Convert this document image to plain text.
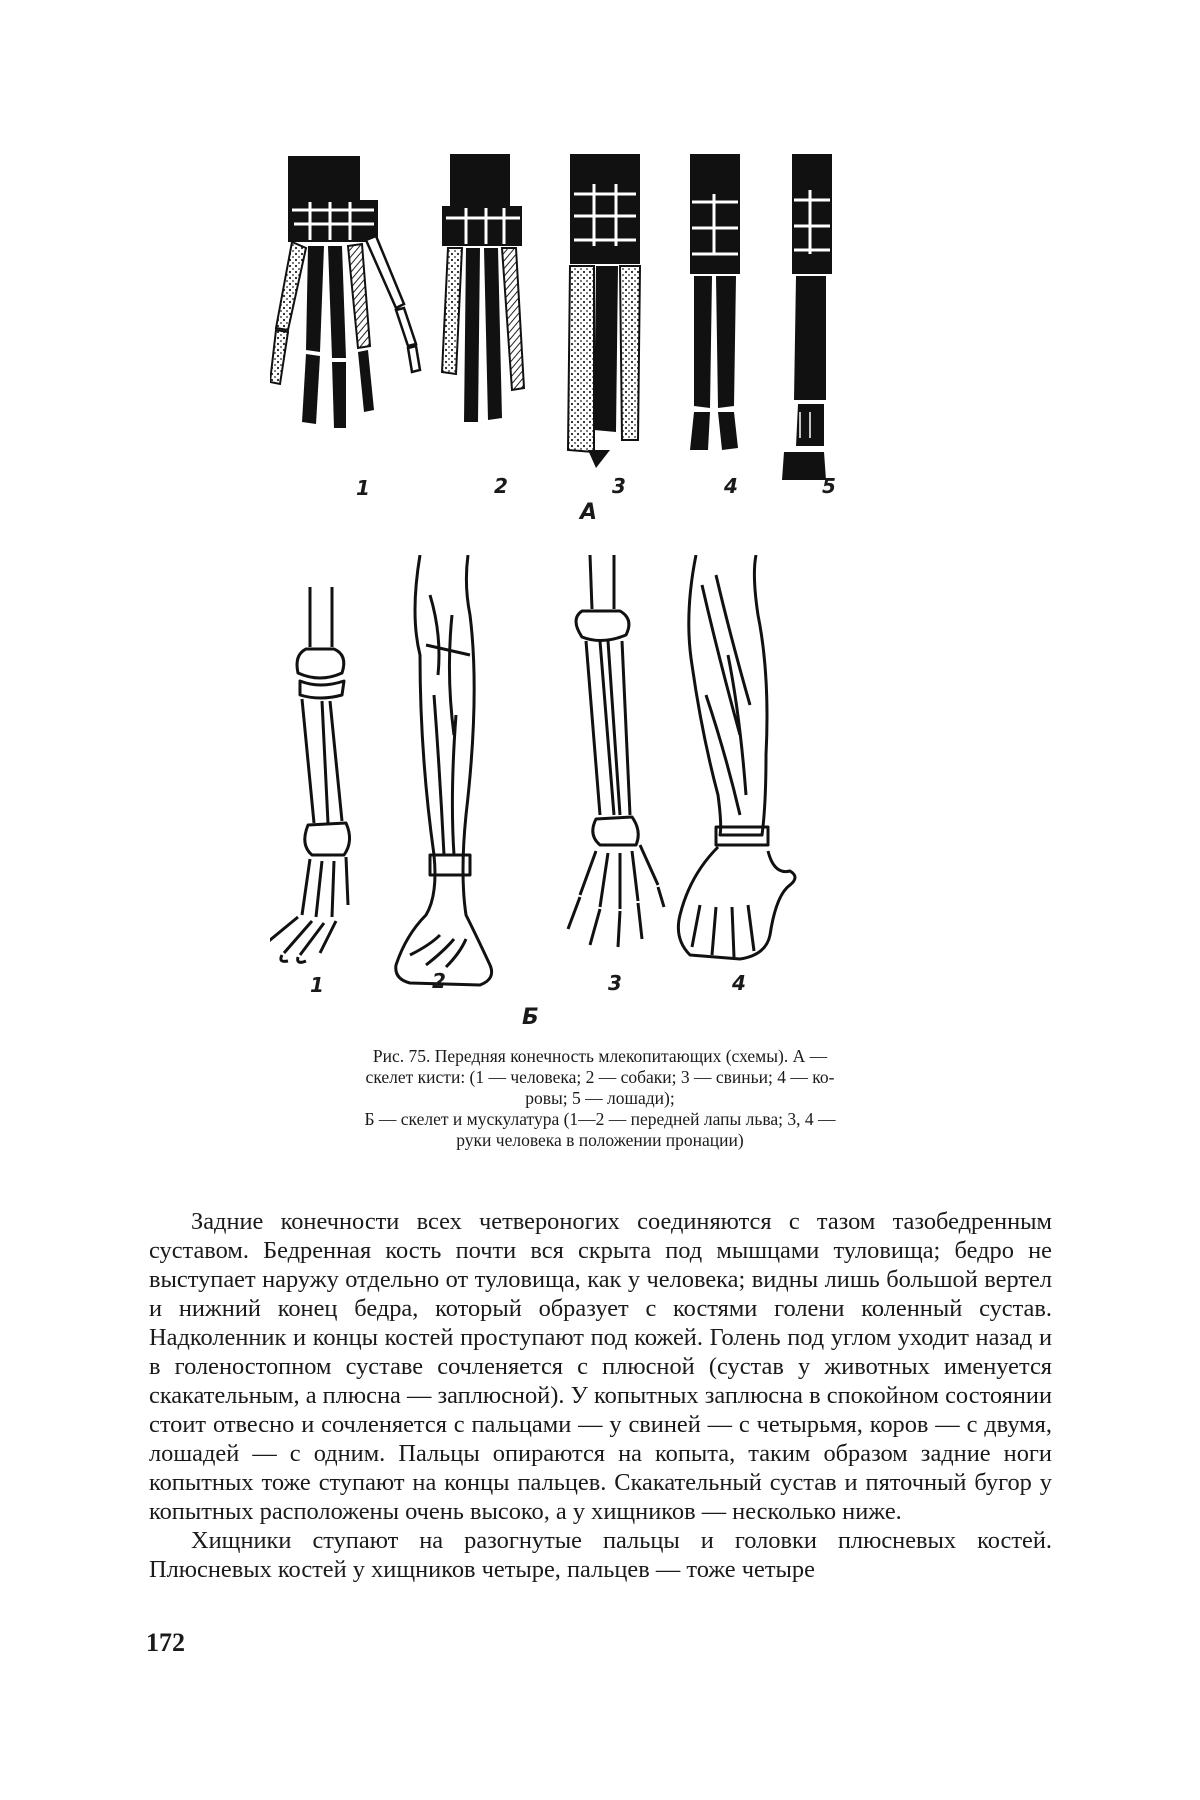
1	2	3	4	5
А
1	2	3	4
Б

Рис. 75. Передняя конечность млекопитающих (схемы). А —

скелет кисти: (1 — человека; 2 — собаки; 3 — свиньи; 4 — ко-

ровы; 5 — лошади);

Б — скелет и мускулатура (1—2 — передней лапы льва; 3, 4 —

руки человека в положении пронации)

Задние конечности всех четвероногих соединяются с тазом тазобедренным суставом. Бедренная кость почти вся скрыта под мышцами туловища; бедро не выступает наружу отдельно от туловища, как у человека; видны лишь большой вертел и нижний конец бедра, который образует с костями голени коленный сустав. Надколенник и концы костей проступают под кожей. Голень под углом уходит назад и в голеностопном суставе сочленяется с плюсной (сустав у животных именуется скакательным, а плюсна — заплюсной). У копытных заплюсна в спокойном состоянии стоит отвесно и сочленяется с пальцами — у свиней — с четырьмя, коров — с двумя, лошадей — с одним. Пальцы опираются на копыта, таким образом задние ноги копытных тоже ступают на концы пальцев. Скакательный сустав и пяточный бугор у копытных расположены очень высоко, а у хищников — несколько ниже.

Хищники ступают на разогнутые пальцы и головки плюсневых костей. Плюсневых костей у хищников четыре, пальцев — тоже четыре

172
